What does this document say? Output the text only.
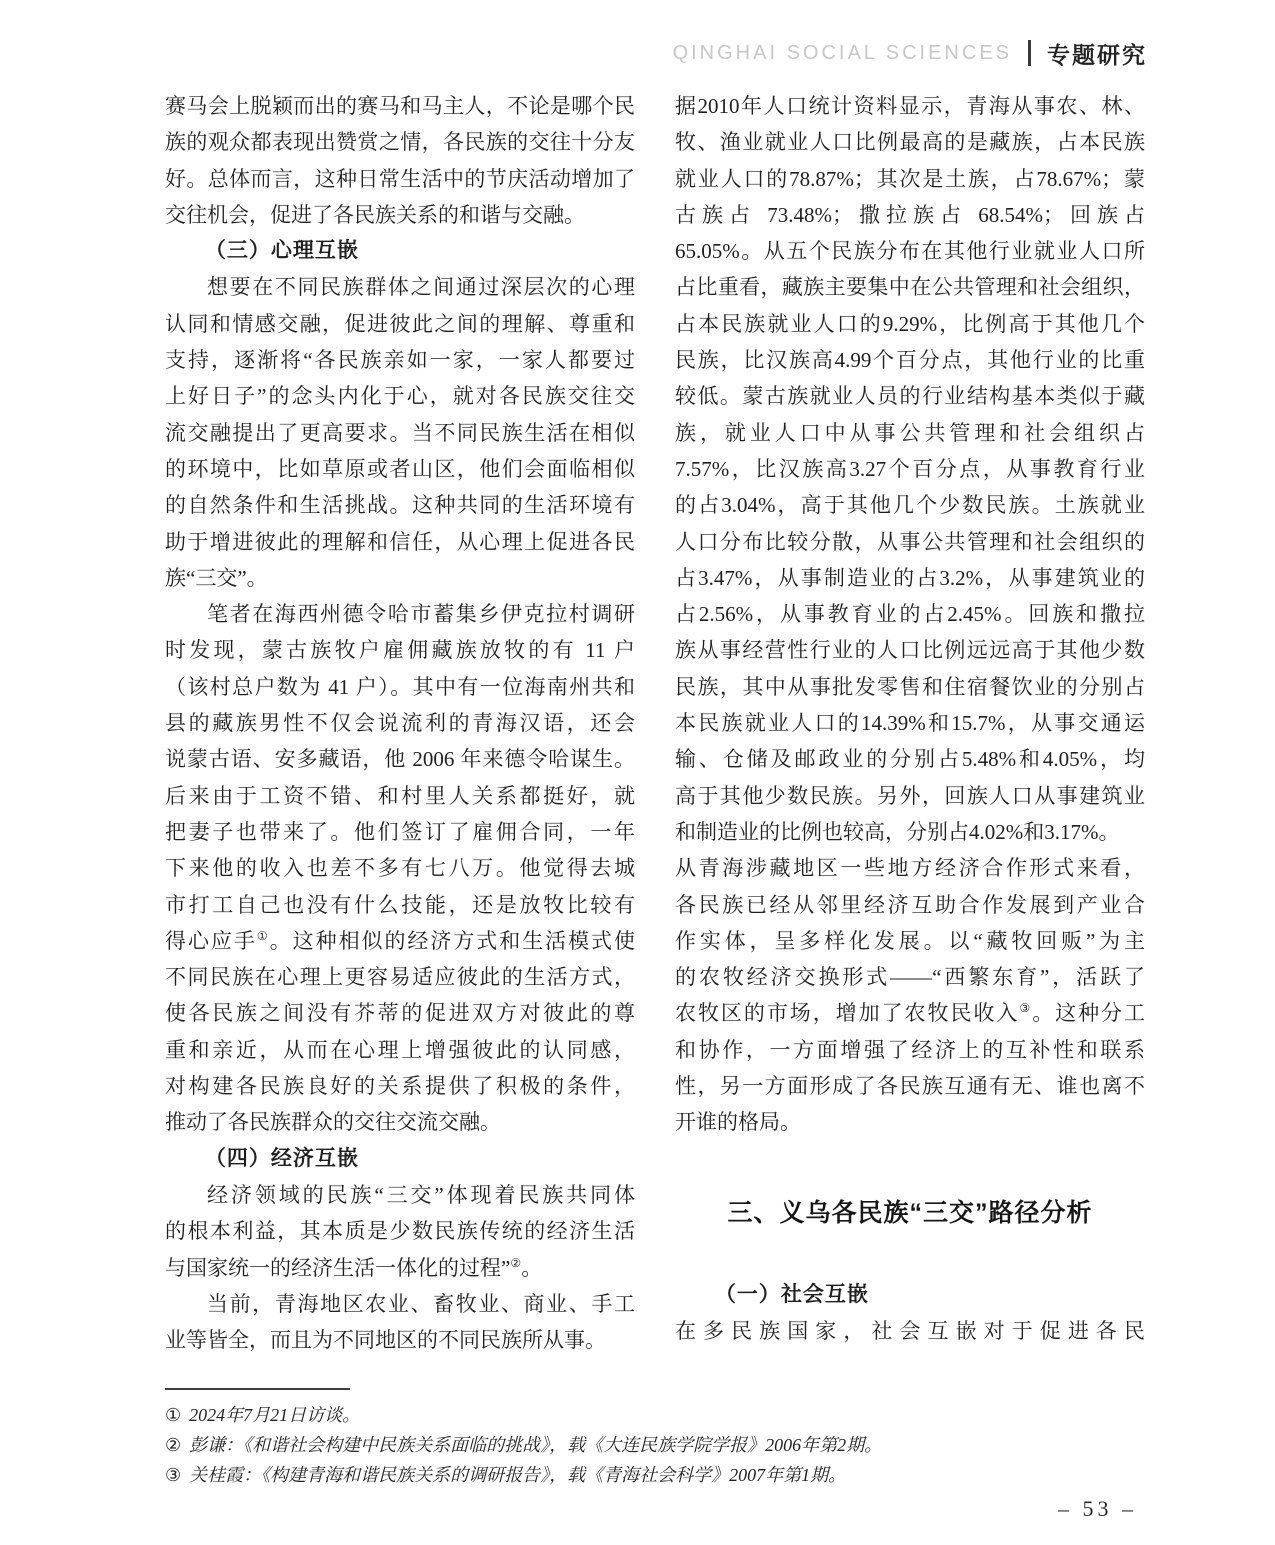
QINGHAI SOCIAL SCIENCES 专题研究
赛马会上脱颖而出的赛马和马主人，不论是哪个民
族的观众都表现出赞赏之情，各民族的交往十分友
好。总体而言，这种日常生活中的节庆活动增加了
交往机会，促进了各民族关系的和谐与交融。
（三）心理互嵌
想要在不同民族群体之间通过深层次的心理
认同和情感交融，促进彼此之间的理解、尊重和
支持，逐渐将“各民族亲如一家，一家人都要过
上好日子”的念头内化于心，就对各民族交往交
流交融提出了更高要求。当不同民族生活在相似
的环境中，比如草原或者山区，他们会面临相似
的自然条件和生活挑战。这种共同的生活环境有
助于增进彼此的理解和信任，从心理上促进各民
族“三交”。
笔者在海西州德令哈市蓄集乡伊克拉村调研
时发现，蒙古族牧户雇佣藏族放牧的有 11 户
（该村总户数为 41 户）。其中有一位海南州共和
县的藏族男性不仅会说流利的青海汉语，还会
说蒙古语、安多藏语，他 2006 年来德令哈谋生。
后来由于工资不错、和村里人关系都挺好，就
把妻子也带来了。他们签订了雇佣合同，一年
下来他的收入也差不多有七八万。他觉得去城
市打工自己也没有什么技能，还是放牧比较有
得心应手①。这种相似的经济方式和生活模式使
不同民族在心理上更容易适应彼此的生活方式，
使各民族之间没有芥蒂的促进双方对彼此的尊
重和亲近，从而在心理上增强彼此的认同感，
对构建各民族良好的关系提供了积极的条件，
推动了各民族群众的交往交流交融。
（四）经济互嵌
经济领域的民族“三交”体现着民族共同体
的根本利益，其本质是少数民族传统的经济生活
与国家统一的经济生活一体化的过程”②。
当前，青海地区农业、畜牧业、商业、手工
业等皆全，而且为不同地区的不同民族所从事。
据2010年人口统计资料显示，青海从事农、林、
牧、渔业就业人口比例最高的是藏族，占本民族
就业人口的78.87%；其次是土族，占78.67%；蒙
古族占 73.48%；撒拉族占 68.54%；回族占
65.05%。从五个民族分布在其他行业就业人口所
占比重看，藏族主要集中在公共管理和社会组织，
占本民族就业人口的9.29%，比例高于其他几个
民族，比汉族高4.99个百分点，其他行业的比重
较低。蒙古族就业人员的行业结构基本类似于藏
族，就业人口中从事公共管理和社会组织占
7.57%，比汉族高3.27个百分点，从事教育行业
的占3.04%，高于其他几个少数民族。土族就业
人口分布比较分散，从事公共管理和社会组织的
占3.47%，从事制造业的占3.2%，从事建筑业的
占2.56%，从事教育业的占2.45%。回族和撒拉
族从事经营性行业的人口比例远远高于其他少数
民族，其中从事批发零售和住宿餐饮业的分别占
本民族就业人口的14.39%和15.7%，从事交通运
输、仓储及邮政业的分别占5.48%和4.05%，均
高于其他少数民族。另外，回族人口从事建筑业
和制造业的比例也较高，分别占4.02%和3.17%。
从青海涉藏地区一些地方经济合作形式来看，
各民族已经从邻里经济互助合作发展到产业合
作实体，呈多样化发展。以“藏牧回贩”为主
的农牧经济交换形式——“西繁东育”，活跃了
农牧区的市场，增加了农牧民收入③。这种分工
和协作，一方面增强了经济上的互补性和联系
性，另一方面形成了各民族互通有无、谁也离不
开谁的格局。
三、义乌各民族“三交”路径分析
（一）社会互嵌
在多民族国家，社会互嵌对于促进各民
① 2024年7月21日访谈。
② 彭谦：《和谐社会构建中民族关系面临的挑战》，载《大连民族学院学报》2006年第2期。
③ 关桂霞：《构建青海和谐民族关系的调研报告》，载《青海社会科学》2007年第1期。
– 53 –
